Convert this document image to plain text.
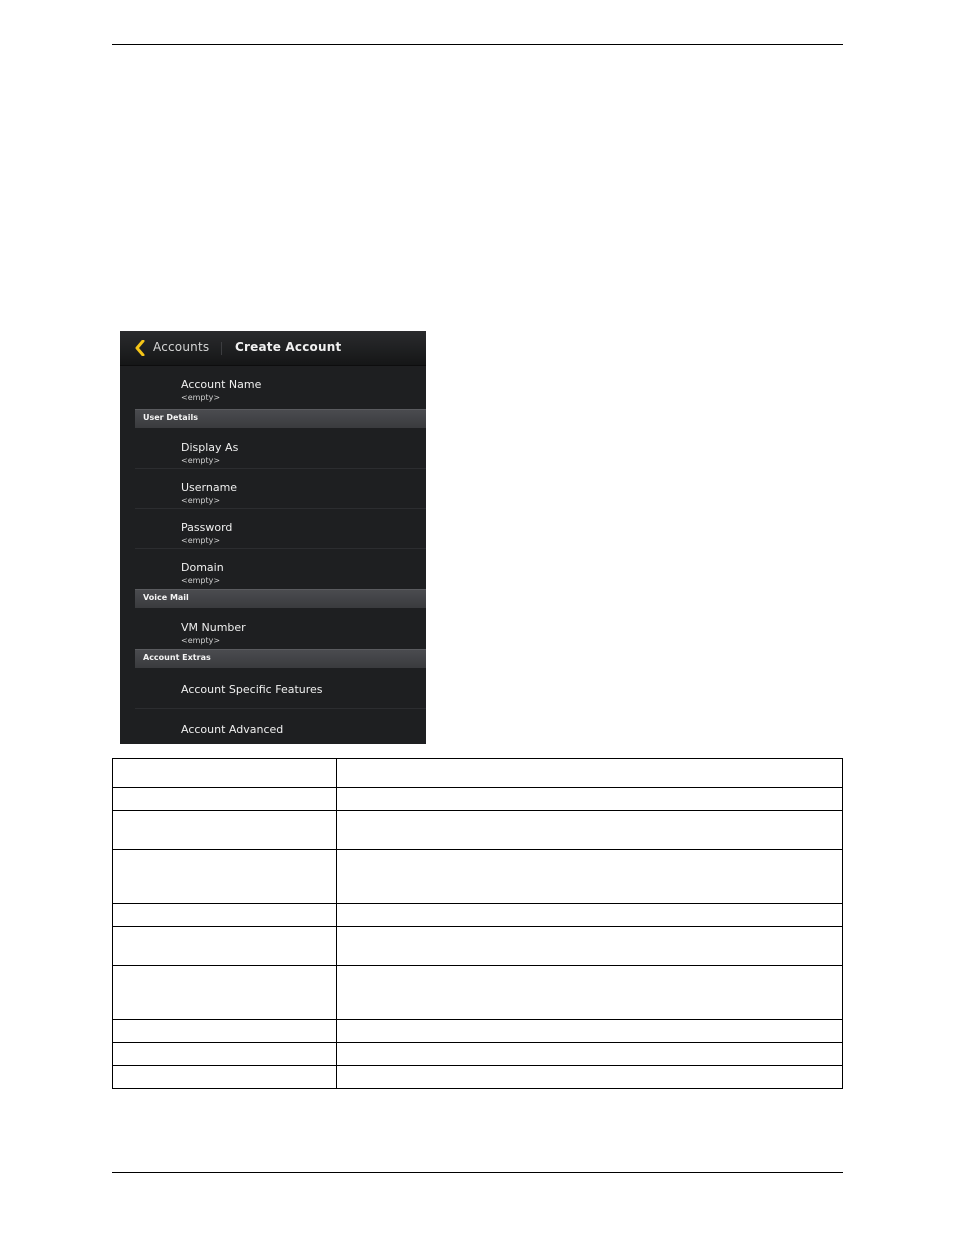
Accounts Create Account
Account Name
<empty>
User Details
Display As
<empty>
Username
<empty>
Password
<empty>
Domain
<empty>
Voice Mail
VM Number
<empty>
Account Extras
Account Specific Features
Account Advanced
